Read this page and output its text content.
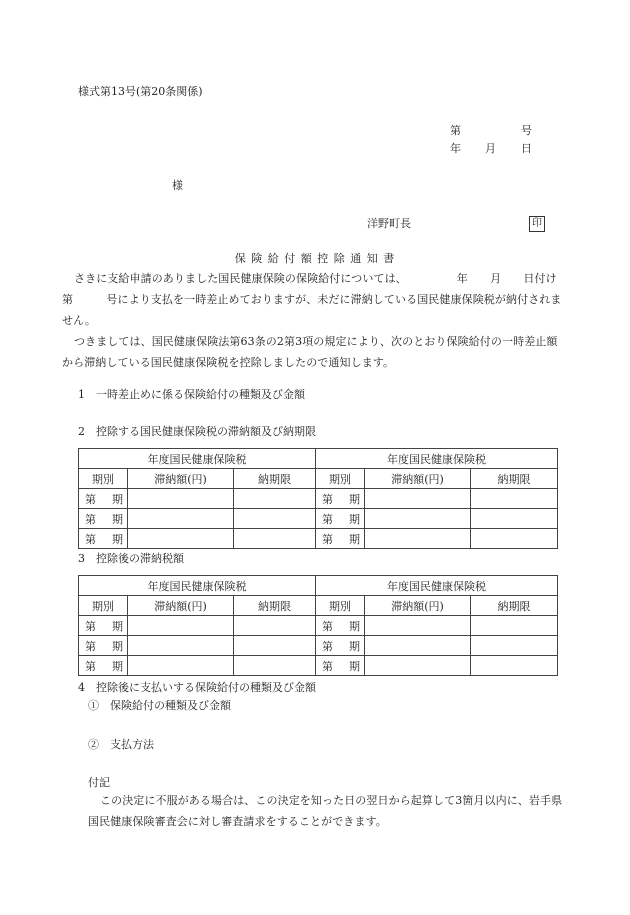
様式第13号(第20条関係)
第	号
年 月 日
様
洋野町長	印
保 険 給 付 額 控 除 通 知 書
さきに支給申請のありました国民健康保険の保険給付については、　　　　　年　　月　　日付け　　第　　　号により支払を一時差止めておりますが、未だに滞納している国民健康保険税が納付されません。
つきましては、国民健康保険法第63条の2第3項の規定により、次のとおり保険給付の一時差止額から滞納している国民健康保険税を控除しましたので通知します。
1　一時差止めに係る保険給付の種類及び金額
2　控除する国民健康保険税の滞納額及び納期限
年度国民健康保険税			年度国民健康保険税		
期別	滞納額(円)	納期限	期別	滞納額(円)	納期限
第 期			第 期		
第 期			第 期		
第 期			第 期		
3　控除後の滞納税額
年度国民健康保険税			年度国民健康保険税		
期別	滞納額(円)	納期限	期別	滞納額(円)	納期限
第 期			第 期		
第 期			第 期		
第 期			第 期		
4　控除後に支払いする保険給付の種類及び金額
①　保険給付の種類及び金額
②　支払方法
付記
この決定に不服がある場合は、この決定を知った日の翌日から起算して3箇月以内に、岩手県国民健康保険審査会に対し審査請求をすることができます。
